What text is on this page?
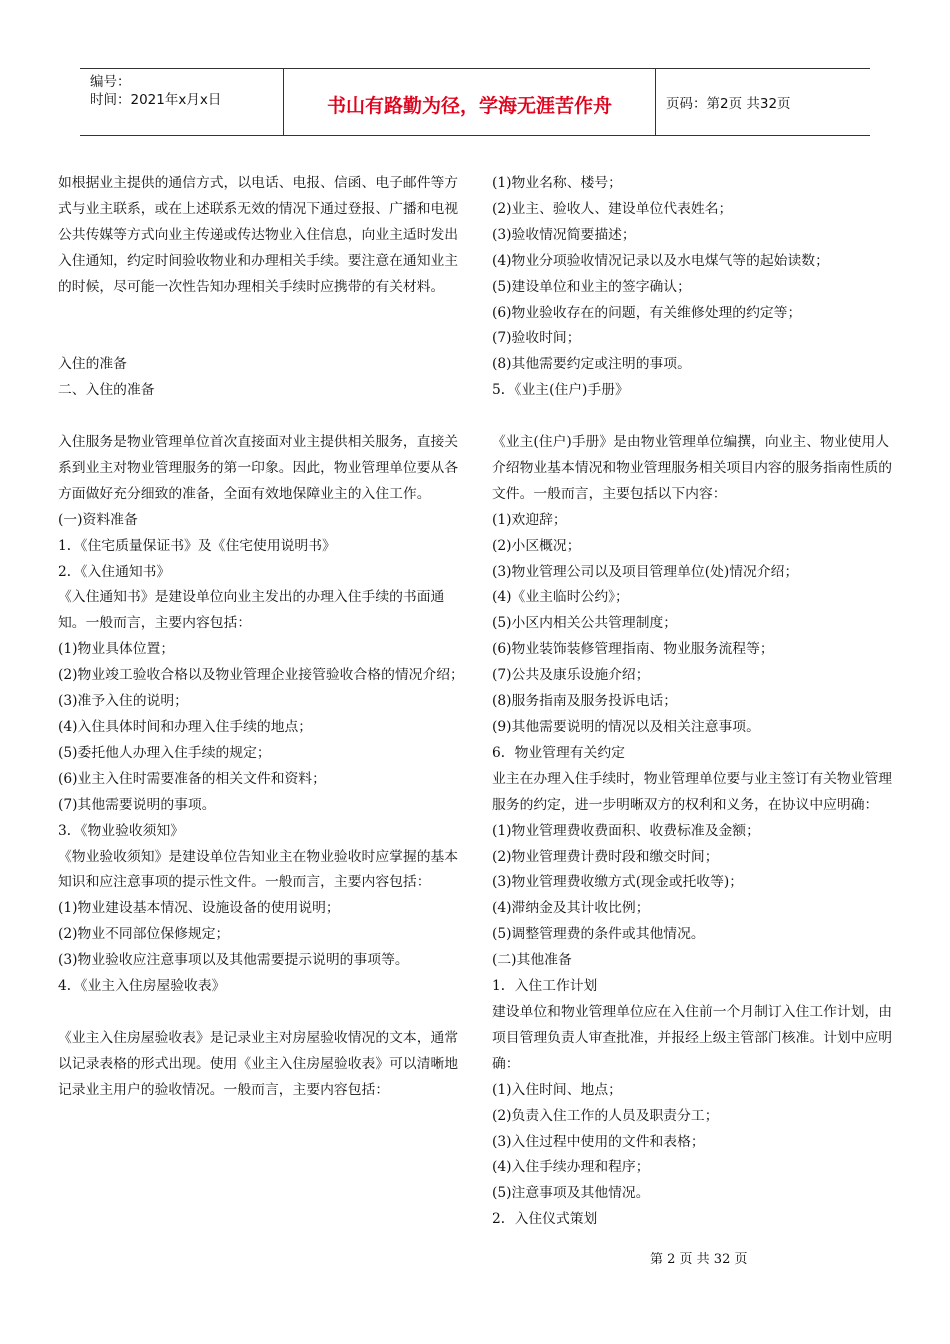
编号：
时间：2021年x月x日	书山有路勤为径，学海无涯苦作舟	页码：第2页 共32页
如根据业主提供的通信方式，以电话、电报、信函、电子邮件等方式与业主联系，或在上述联系无效的情况下通过登报、广播和电视公共传媒等方式向业主传递或传达物业入住信息，向业主适时发出入住通知，约定时间验收物业和办理相关手续。要注意在通知业主的时候，尽可能一次性告知办理相关手续时应携带的有关材料。
入住的准备
二、入住的准备
入住服务是物业管理单位首次直接面对业主提供相关服务，直接关系到业主对物业管理服务的第一印象。因此，物业管理单位要从各方面做好充分细致的准备，全面有效地保障业主的入住工作。
(一)资料准备
1．《住宅质量保证书》及《住宅使用说明书》
2．《入住通知书》
《入住通知书》是建设单位向业主发出的办理入住手续的书面通知。一般而言，主要内容包括：
(1)物业具体位置；
(2)物业竣工验收合格以及物业管理企业接管验收合格的情况介绍；
(3)准予入住的说明；
(4)入住具体时间和办理入住手续的地点；
(5)委托他人办理入住手续的规定；
(6)业主入住时需要准备的相关文件和资料；
(7)其他需要说明的事项。
3．《物业验收须知》
《物业验收须知》是建设单位告知业主在物业验收时应掌握的基本知识和应注意事项的提示性文件。一般而言，主要内容包括：
(1)物业建设基本情况、设施设备的使用说明；
(2)物业不同部位保修规定；
(3)物业验收应注意事项以及其他需要提示说明的事项等。
4．《业主入住房屋验收表》
《业主入住房屋验收表》是记录业主对房屋验收情况的文本，通常以记录表格的形式出现。使用《业主入住房屋验收表》可以清晰地记录业主用户的验收情况。一般而言，主要内容包括：
(1)物业名称、楼号；
(2)业主、验收人、建设单位代表姓名；
(3)验收情况简要描述；
(4)物业分项验收情况记录以及水电煤气等的起始读数；
(5)建设单位和业主的签字确认；
(6)物业验收存在的问题，有关维修处理的约定等；
(7)验收时间；
(8)其他需要约定或注明的事项。
5．《业主(住户)手册》
《业主(住户)手册》是由物业管理单位编撰，向业主、物业使用人介绍物业基本情况和物业管理服务相关项目内容的服务指南性质的文件。一般而言，主要包括以下内容：
(1)欢迎辞；
(2)小区概况；
(3)物业管理公司以及项目管理单位(处)情况介绍；
(4)《业主临时公约》；
(5)小区内相关公共管理制度；
(6)物业装饰装修管理指南、物业服务流程等；
(7)公共及康乐设施介绍；
(8)服务指南及服务投诉电话；
(9)其他需要说明的情况以及相关注意事项。
6．物业管理有关约定
业主在办理入住手续时，物业管理单位要与业主签订有关物业管理服务的约定，进一步明晰双方的权利和义务，在协议中应明确：
(1)物业管理费收费面积、收费标准及金额；
(2)物业管理费计费时段和缴交时间；
(3)物业管理费收缴方式(现金或托收等)；
(4)滞纳金及其计收比例；
(5)调整管理费的条件或其他情况。
(二)其他准备
1．入住工作计划
建设单位和物业管理单位应在入住前一个月制订入住工作计划，由项目管理负责人审查批准，并报经上级主管部门核准。计划中应明确：
(1)入住时间、地点；
(2)负责入住工作的人员及职责分工；
(3)入住过程中使用的文件和表格；
(4)入住手续办理和程序；
(5)注意事项及其他情况。
2．入住仪式策划
第 2 页 共 32 页
